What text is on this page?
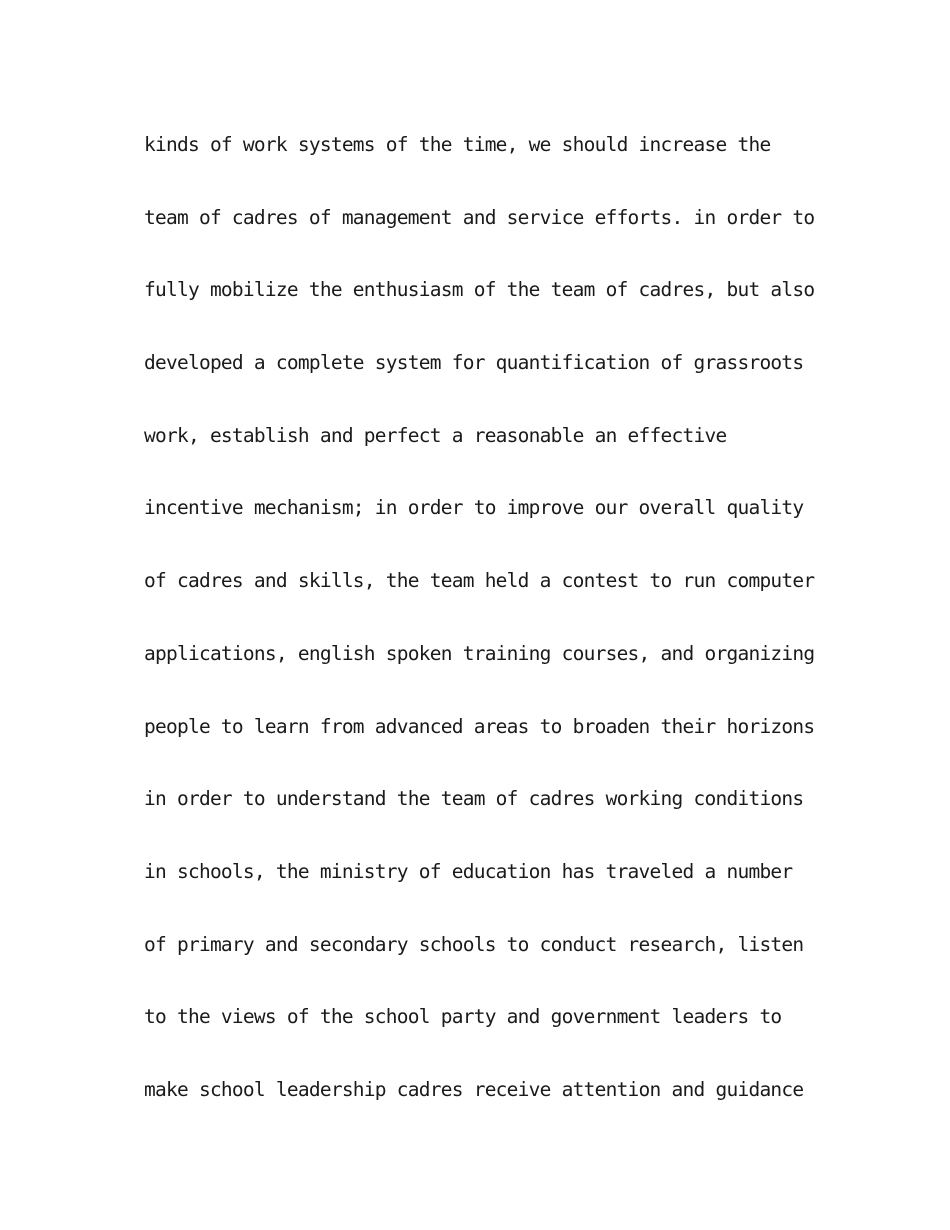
kinds of work systems of the time, we should increase the
team of cadres of management and service efforts. in order to
fully mobilize the enthusiasm of the team of cadres, but also
developed a complete system for quantification of grassroots
work, establish and perfect a reasonable an effective
incentive mechanism; in order to improve our overall quality
of cadres and skills, the team held a contest to run computer
applications, english spoken training courses, and organizing
people to learn from advanced areas to broaden their horizons
in order to understand the team of cadres working conditions
in schools, the ministry of education has traveled a number
of primary and secondary schools to conduct research, listen
to the views of the school party and government leaders to
make school leadership cadres receive attention and guidance
